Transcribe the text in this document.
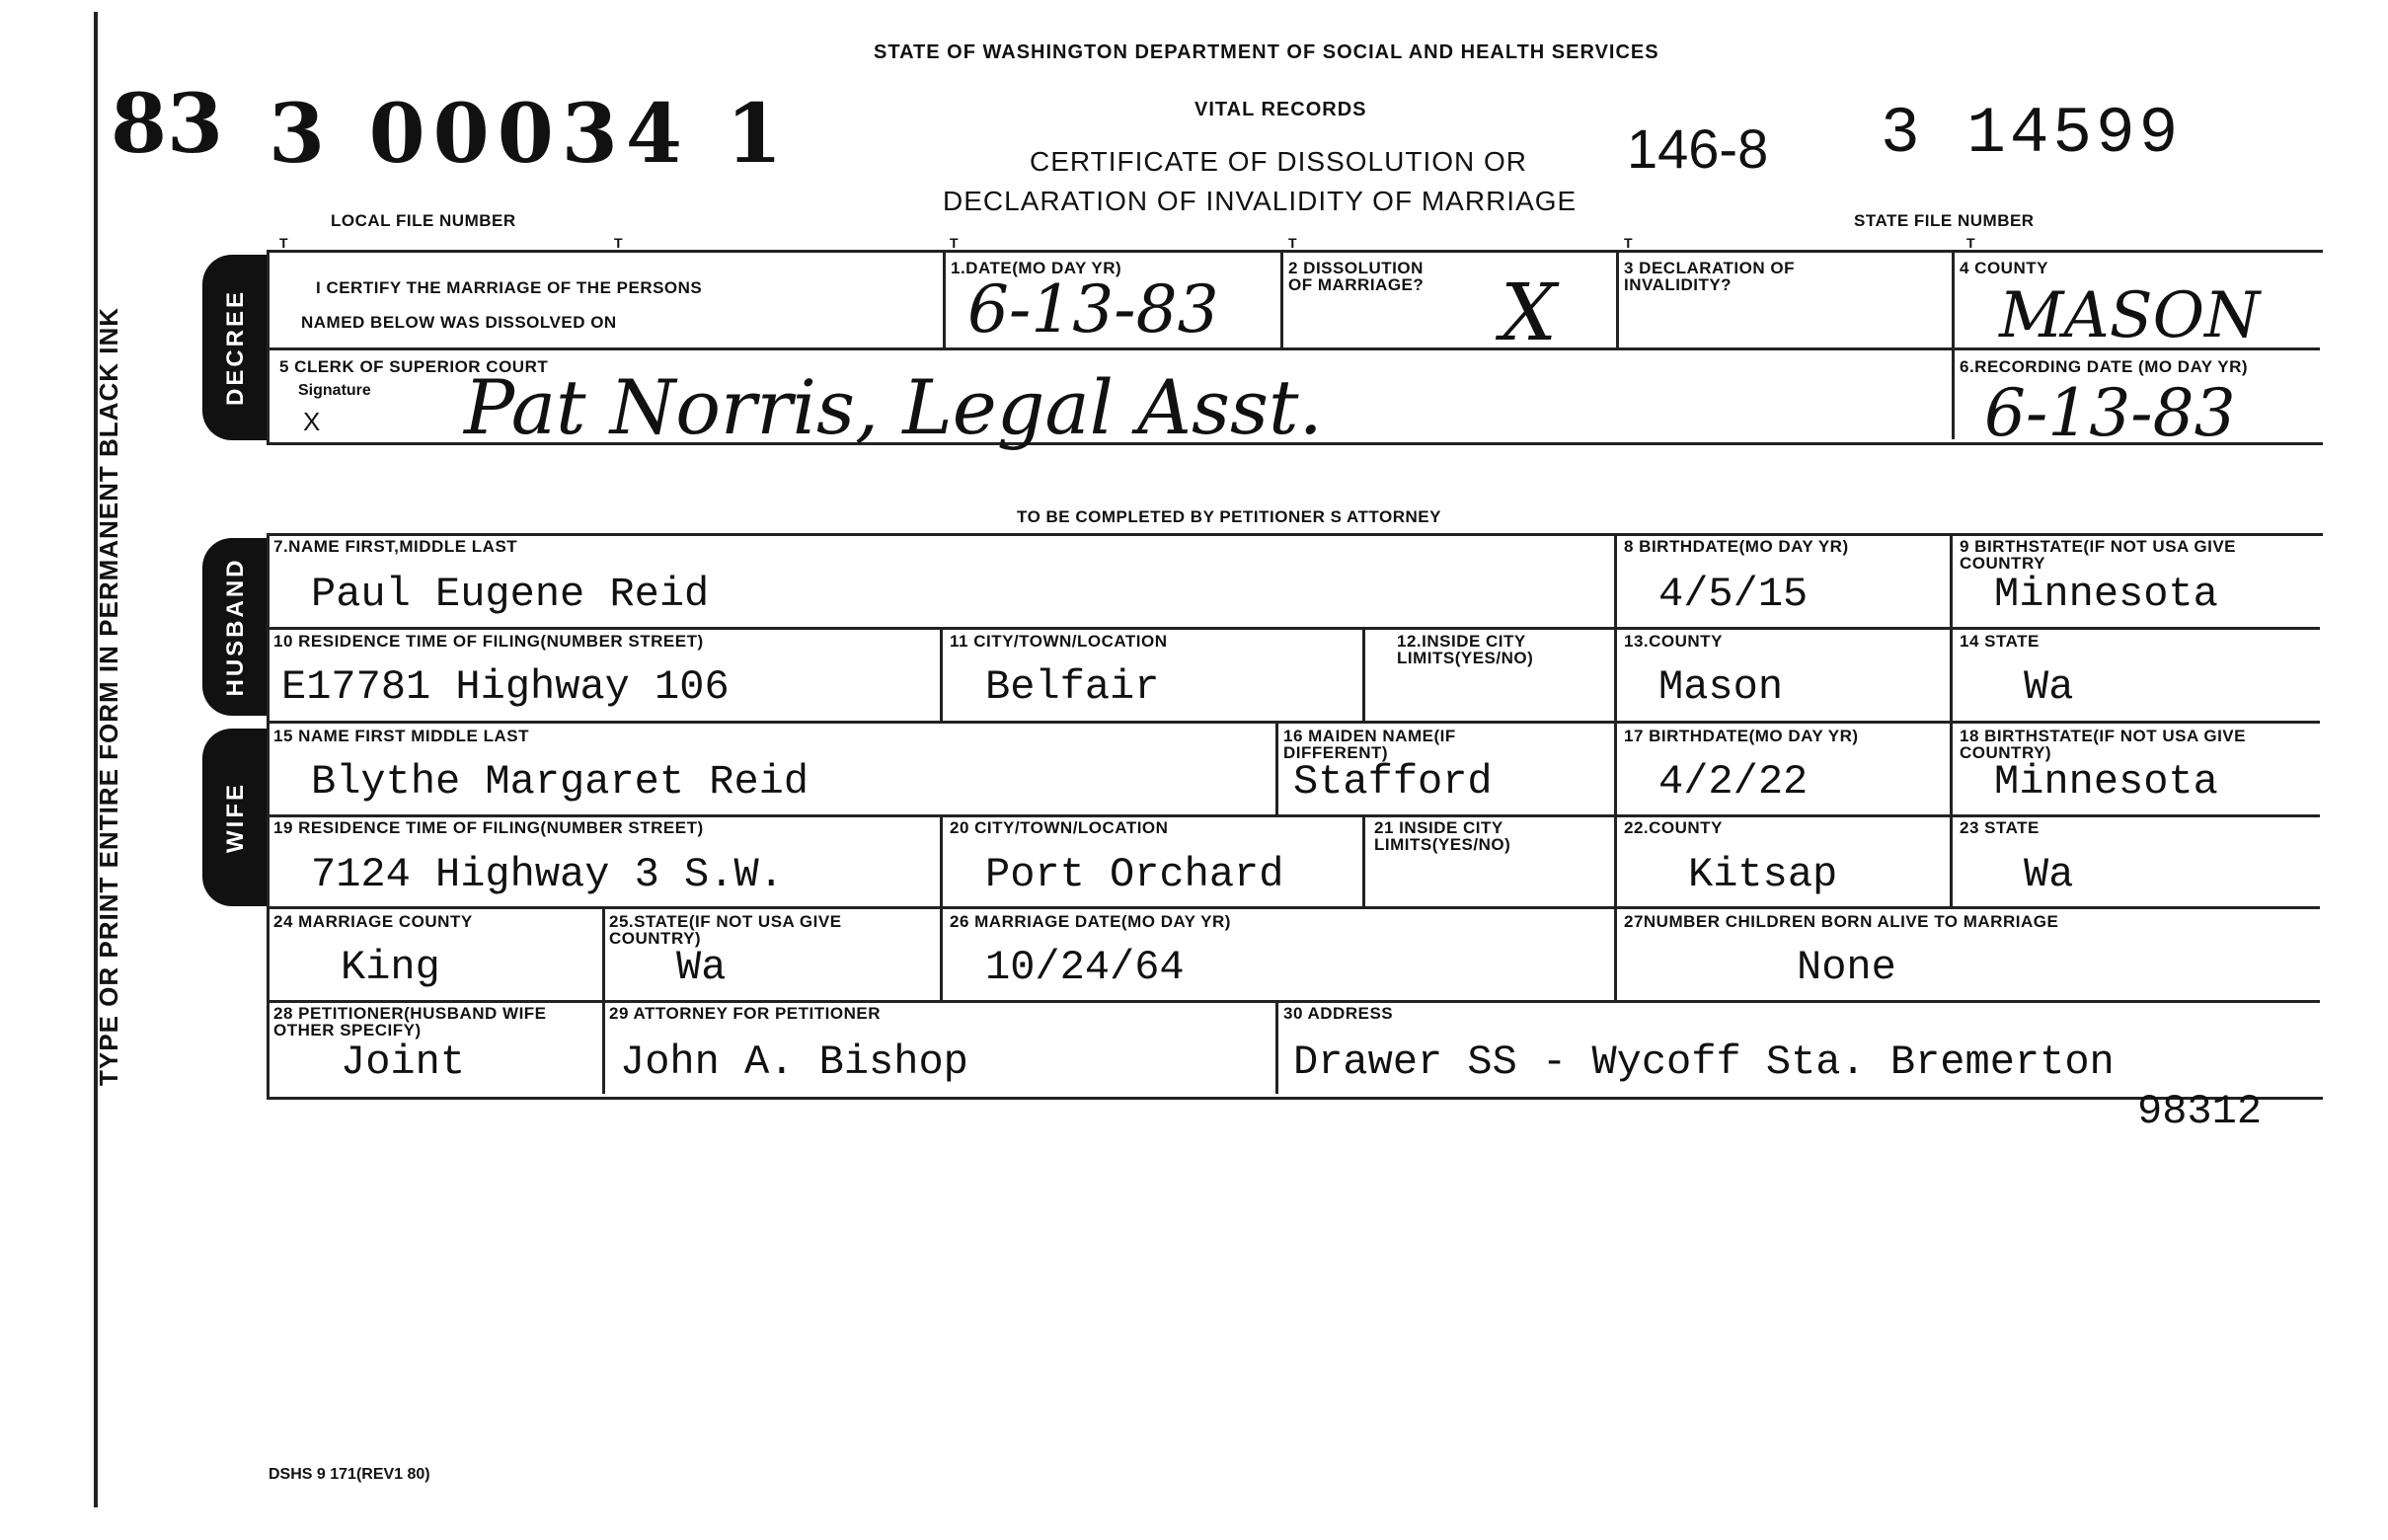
TYPE OR PRINT ENTIRE FORM IN PERMANENT BLACK INK
STATE OF WASHINGTON DEPARTMENT OF SOCIAL AND HEALTH SERVICES
VITAL RECORDS
CERTIFICATE OF DISSOLUTION OR
DECLARATION OF INVALIDITY OF MARRIAGE
83 3 00034 1
LOCAL FILE NUMBER
146-8 3 14599
STATE FILE NUMBER
T	T	T	T	T	T
DECREE
I CERTIFY THE MARRIAGE OF THE PERSONS
NAMED BELOW WAS DISSOLVED ON
1.DATE(MO DAY YR)
6-13-83
2 DISSOLUTION OF MARRIAGE? X	3 DECLARATION OF INVALIDITY?
4 COUNTY
MASON
5 CLERK OF SUPERIOR COURT
Signature
X Pat Norris, Legal Asst.	6.RECORDING DATE (MO DAY YR)
6-13-83
TO BE COMPLETED BY PETITIONER S ATTORNEY
HUSBAND
WIFE
7.NAME FIRST,MIDDLE LAST
Paul Eugene Reid
8 BIRTHDATE(MO DAY YR)
4/5/15
9 BIRTHSTATE(IF NOT USA GIVE COUNTRY
Minnesota
10 RESIDENCE TIME OF FILING(NUMBER STREET)
E17781 Highway 106
11 CITY/TOWN/LOCATION
Belfair
12.INSIDE CITY LIMITS(YES/NO)
13.COUNTY
Mason
14 STATE
Wa
15 NAME FIRST MIDDLE LAST
Blythe Margaret Reid
16 MAIDEN NAME(IF DIFFERENT)
Stafford
17 BIRTHDATE(MO DAY YR)
4/2/22
18 BIRTHSTATE(IF NOT USA GIVE COUNTRY)
Minnesota
19 RESIDENCE TIME OF FILING(NUMBER STREET)
7124 Highway 3 S.W.
20 CITY/TOWN/LOCATION
Port Orchard
21 INSIDE CITY LIMITS(YES/NO)
22.COUNTY
Kitsap
23 STATE
Wa
24 MARRIAGE COUNTY
King
25.STATE(IF NOT USA GIVE COUNTRY)
Wa
26 MARRIAGE DATE(MO DAY YR)
10/24/64
27NUMBER CHILDREN BORN ALIVE TO MARRIAGE
None
28 PETITIONER(HUSBAND WIFE OTHER SPECIFY)
Joint
29 ATTORNEY FOR PETITIONER
John A. Bishop
30 ADDRESS
Drawer SS - Wycoff Sta. Bremerton
98312
DSHS 9 171(REV1 80)
